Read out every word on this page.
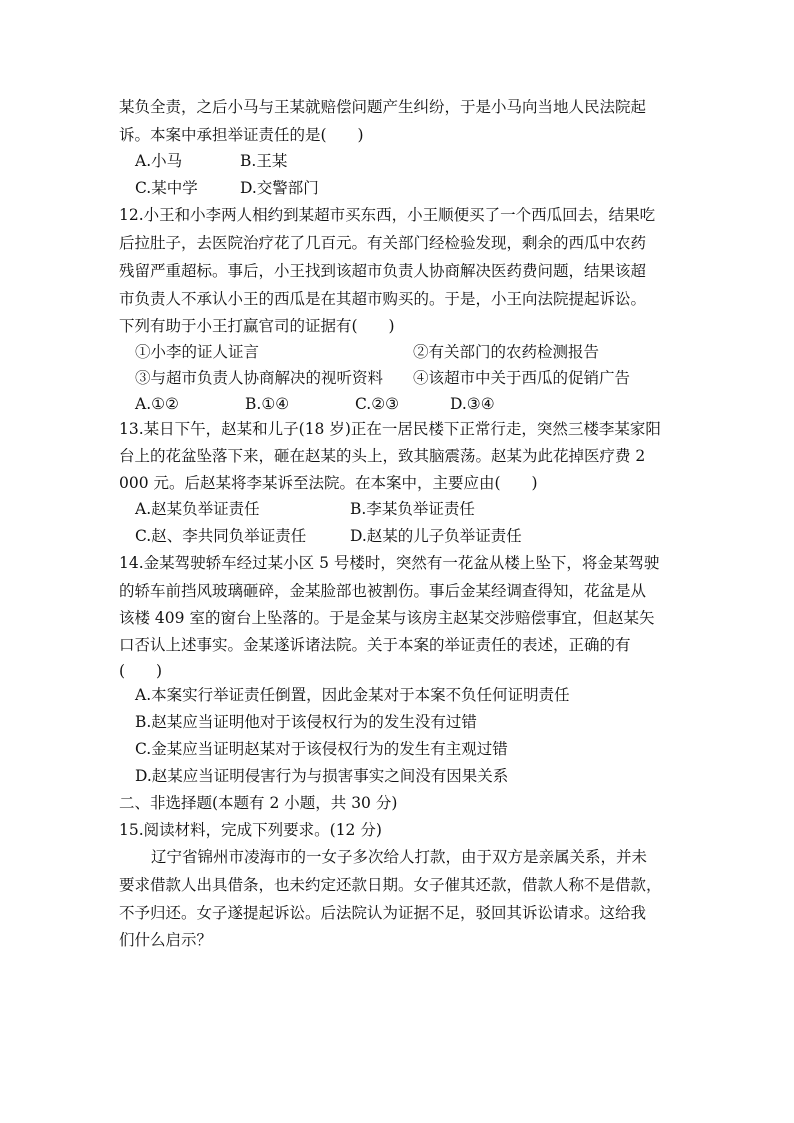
某负全责，之后小马与王某就赔偿问题产生纠纷，于是小马向当地人民法院起
诉。本案中承担举证责任的是(　　)
A.小马	B.王某
C.某中学	D.交警部门
12.小王和小李两人相约到某超市买东西，小王顺便买了一个西瓜回去，结果吃
后拉肚子，去医院治疗花了几百元。有关部门经检验发现，剩余的西瓜中农药
残留严重超标。事后，小王找到该超市负责人协商解决医药费问题，结果该超
市负责人不承认小王的西瓜是在其超市购买的。于是，小王向法院提起诉讼。
下列有助于小王打赢官司的证据有(　　)
①小李的证人证言	②有关部门的农药检测报告
③与超市负责人协商解决的视听资料 ④该超市中关于西瓜的促销广告
A.①②	B.①④	C.②③	D.③④
13.某日下午，赵某和儿子(18 岁)正在一居民楼下正常行走，突然三楼李某家阳
台上的花盆坠落下来，砸在赵某的头上，致其脑震荡。赵某为此花掉医疗费 2
000 元。后赵某将李某诉至法院。在本案中，主要应由(　　)
A.赵某负举证责任	B.李某负举证责任
C.赵、李共同负举证责任	D.赵某的儿子负举证责任
14.金某驾驶轿车经过某小区 5 号楼时，突然有一花盆从楼上坠下，将金某驾驶
的轿车前挡风玻璃砸碎，金某脸部也被割伤。事后金某经调查得知，花盆是从
该楼 409 室的窗台上坠落的。于是金某与该房主赵某交涉赔偿事宜，但赵某矢
口否认上述事实。金某遂诉诸法院。关于本案的举证责任的表述，正确的有
(　　)
A.本案实行举证责任倒置，因此金某对于本案不负任何证明责任
B.赵某应当证明他对于该侵权行为的发生没有过错
C.金某应当证明赵某对于该侵权行为的发生有主观过错
D.赵某应当证明侵害行为与损害事实之间没有因果关系
二、非选择题(本题有 2 小题，共 30 分)
15.阅读材料，完成下列要求。(12 分)
辽宁省锦州市凌海市的一女子多次给人打款，由于双方是亲属关系，并未
要求借款人出具借条，也未约定还款日期。女子催其还款，借款人称不是借款，
不予归还。女子遂提起诉讼。后法院认为证据不足，驳回其诉讼请求。这给我
们什么启示？
